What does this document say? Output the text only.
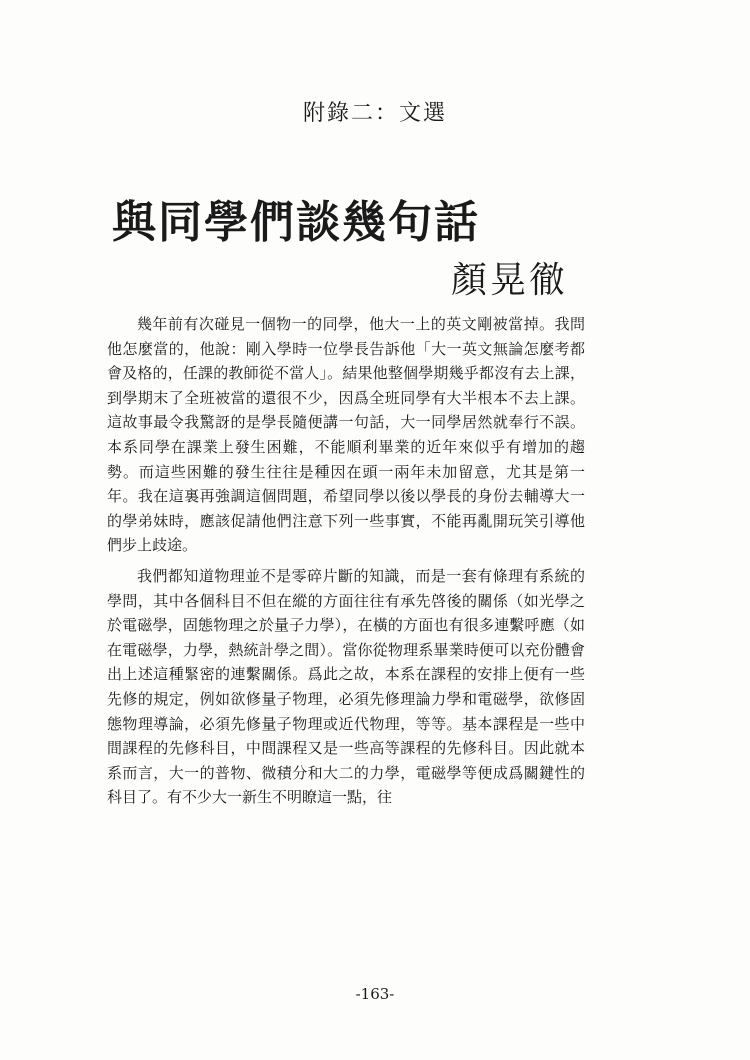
附錄二：文選
與同學們談幾句話
顏晃徹

幾年前有次碰見一個物一的同學，他大一上的英文剛被當掉。我問他怎麼當的，他說：剛入學時一位學長告訴他「大一英文無論怎麼考都會及格的，任課的教師從不當人」。結果他整個學期幾乎都沒有去上課，到學期末了全班被當的還很不少，因爲全班同學有大半根本不去上課。這故事最令我驚訝的是學長隨便講一句話，大一同學居然就奉行不誤。本系同學在課業上發生困難，不能順利畢業的近年來似乎有增加的趨勢。而這些困難的發生往往是種因在頭一兩年未加留意，尤其是第一年。我在這裏再強調這個問題，希望同學以後以學長的身份去輔導大一的學弟妹時，應該促請他們注意下列一些事實，不能再亂開玩笑引導他們步上歧途。

我們都知道物理並不是零碎片斷的知識，而是一套有條理有系統的學問，其中各個科目不但在縱的方面往往有承先啓後的關係（如光學之於電磁學，固態物理之於量子力學），在橫的方面也有很多連繫呼應（如在電磁學，力學，熱統計學之間）。當你從物理系畢業時便可以充份體會出上述這種緊密的連繫關係。爲此之故，本系在課程的安排上便有一些先修的規定，例如欲修量子物理，必須先修理論力學和電磁學，欲修固態物理導論，必須先修量子物理或近代物理，等等。基本課程是一些中間課程的先修科目，中間課程又是一些高等課程的先修科目。因此就本系而言，大一的普物、微積分和大二的力學，電磁學等便成爲關鍵性的科目了。有不少大一新生不明瞭這一點，往

-163-
